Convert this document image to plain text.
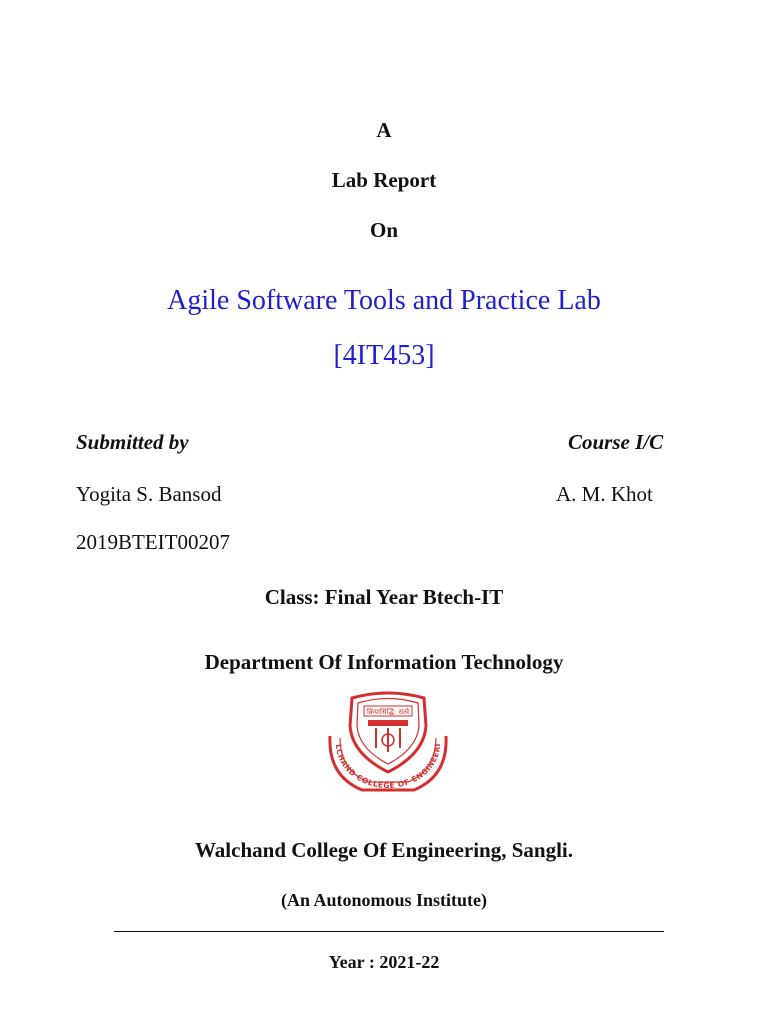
A
Lab Report
On
Agile Software Tools and Practice Lab
[4IT453]
Submitted by	Course I/C
Yogita S. Bansod	A. M. Khot
2019BTEIT00207
Class: Final Year Btech-IT
Department Of Information Technology
क्रियासिद्धि: सत्वे
LCHAND COLLEGE OF ENGINEERI
Walchand College Of Engineering, Sangli.
(An Autonomous Institute)
Year : 2021-22
